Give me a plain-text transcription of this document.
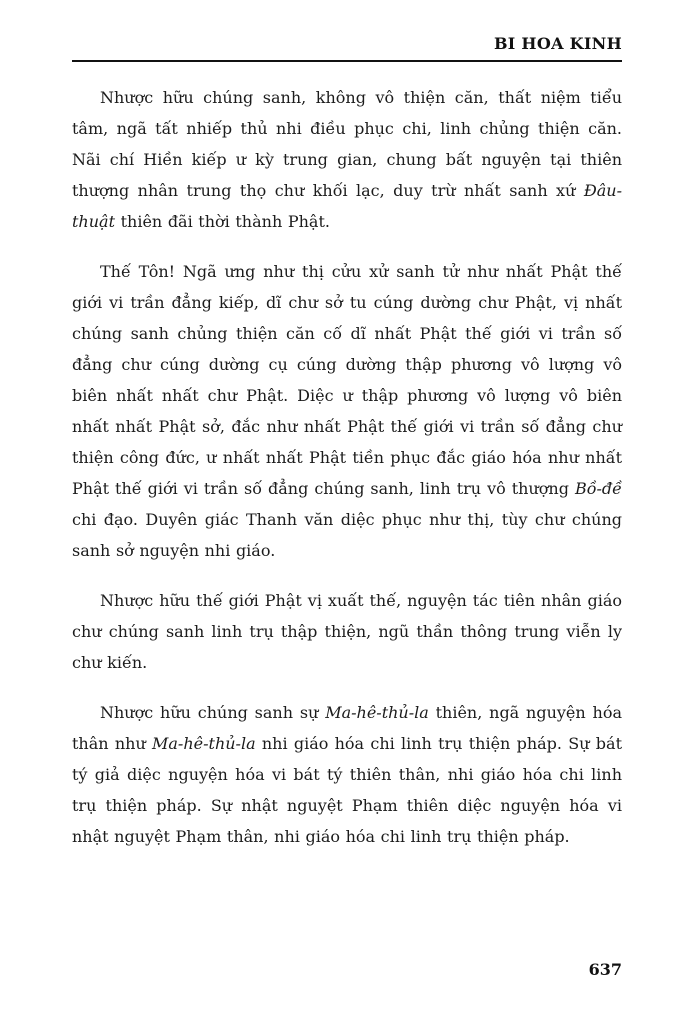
BI HOA KINH

Nhược hữu chúng sanh, không vô thiện căn, thất niệm tiểu tâm, ngã tất nhiếp thủ nhi điều phục chi, linh chủng thiện căn. Nãi chí Hiền kiếp ư kỳ trung gian, chung bất nguyện tại thiên thượng nhân trung thọ chư khối lạc, duy trừ nhất sanh xứ Đâu-thuật thiên đãi thời thành Phật.

Thế Tôn! Ngã ưng như thị cửu xử sanh tử như nhất Phật thế giới vi trần đẳng kiếp, dĩ chư sở tu cúng dường chư Phật, vị nhất chúng sanh chủng thiện căn cố dĩ nhất Phật thế giới vi trần số đẳng chư cúng dường cụ cúng dường thập phương vô lượng vô biên nhất nhất chư Phật. Diệc ư thập phương vô lượng vô biên nhất nhất Phật sở, đắc như nhất Phật thế giới vi trần số đẳng chư thiện công đức, ư nhất nhất Phật tiền phục đắc giáo hóa như nhất Phật thế giới vi trần số đẳng chúng sanh, linh trụ vô thượng Bồ-đề chi đạo. Duyên giác Thanh văn diệc phục như thị, tùy chư chúng sanh sở nguyện nhi giáo.

Nhược hữu thế giới Phật vị xuất thế, nguyện tác tiên nhân giáo chư chúng sanh linh trụ thập thiện, ngũ thần thông trung viễn ly chư kiến.

Nhược hữu chúng sanh sự Ma-hê-thủ-la thiên, ngã nguyện hóa thân như Ma-hê-thủ-la nhi giáo hóa chi linh trụ thiện pháp. Sự bát tý giả diệc nguyện hóa vi bát tý thiên thân, nhi giáo hóa chi linh trụ thiện pháp. Sự nhật nguyệt Phạm thiên diệc nguyện hóa vi nhật nguyệt Phạm thân, nhi giáo hóa chi linh trụ thiện pháp.

637
